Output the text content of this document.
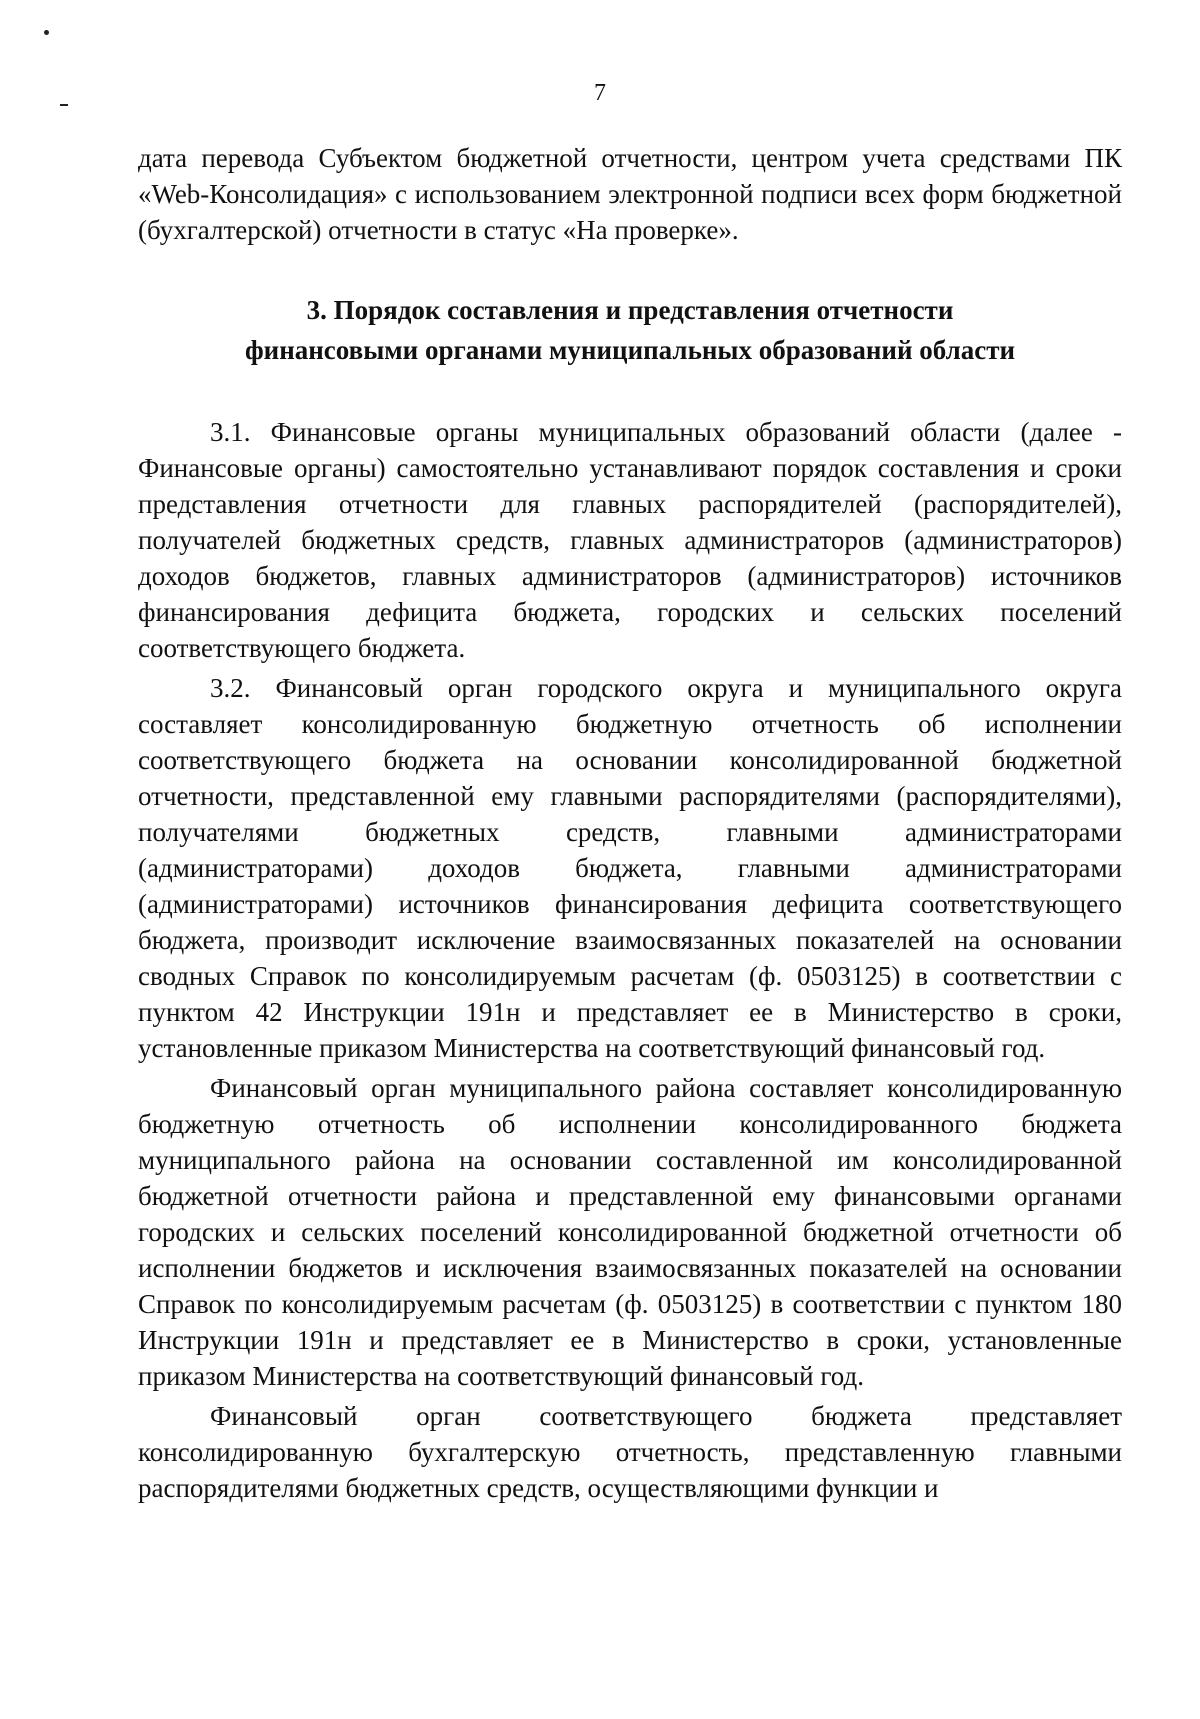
7

дата перевода Субъектом бюджетной отчетности, центром учета средствами ПК «Web-Консолидация» с использованием электронной подписи всех форм бюджетной (бухгалтерской) отчетности в статус «На проверке».

3. Порядок составления и представления отчетности
финансовыми органами муниципальных образований области

3.1. Финансовые органы муниципальных образований области (далее - Финансовые органы) самостоятельно устанавливают порядок составления и сроки представления отчетности для главных распорядителей (распорядителей), получателей бюджетных средств, главных администраторов (администраторов) доходов бюджетов, главных администраторов (администраторов) источников финансирования дефицита бюджета, городских и сельских поселений соответствующего бюджета.

3.2. Финансовый орган городского округа и муниципального округа составляет консолидированную бюджетную отчетность об исполнении соответствующего бюджета на основании консолидированной бюджетной отчетности, представленной ему главными распорядителями (распорядителями), получателями бюджетных средств, главными администраторами (администраторами) доходов бюджета, главными администраторами (администраторами) источников финансирования дефицита соответствующего бюджета, производит исключение взаимосвязанных показателей на основании сводных Справок по консолидируемым расчетам (ф. 0503125) в соответствии с пунктом 42 Инструкции 191н и представляет ее в Министерство в сроки, установленные приказом Министерства на соответствующий финансовый год.

Финансовый орган муниципального района составляет консолидированную бюджетную отчетность об исполнении консолидированного бюджета муниципального района на основании составленной им консолидированной бюджетной отчетности района и представленной ему финансовыми органами городских и сельских поселений консолидированной бюджетной отчетности об исполнении бюджетов и исключения взаимосвязанных показателей на основании Справок по консолидируемым расчетам (ф. 0503125) в соответствии с пунктом 180 Инструкции 191н и представляет ее в Министерство в сроки, установленные приказом Министерства на соответствующий финансовый год.

Финансовый орган соответствующего бюджета представляет консолидированную бухгалтерскую отчетность, представленную главными распорядителями бюджетных средств, осуществляющими функции и
